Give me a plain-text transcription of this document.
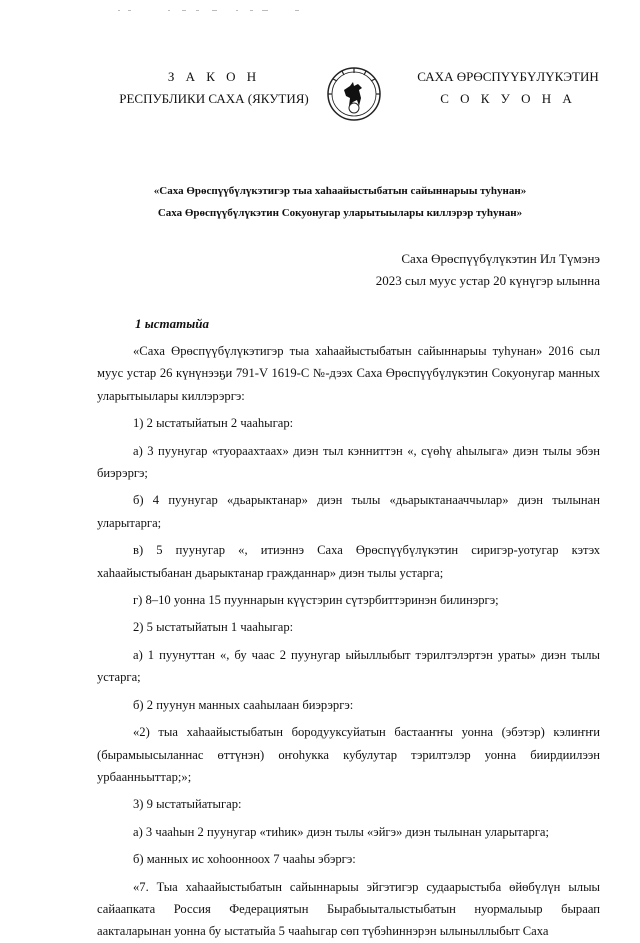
З А К О Н
РЕСПУБЛИКИ САХА (ЯКУТИЯ)
САХА ӨРӨСПҮҮБҮЛҮКЭТИН
С О К У О Н А
«Саха Өрөспүүбүлүкэтигэр тыа хаһаайыстыбатын сайыннарыы туһунан»
Саха Өрөспүүбүлүкэтин Сокуонугар уларытыылары киллэрэр туһунан»
Саха Өрөспүүбүлүкэтин Ил Түмэнэ
2023 сыл муус устар 20 күнүгэр ылынна
1 ыстатыйа

«Саха Өрөспүүбүлүкэтигэр тыа хаһаайыстыбатын сайыннарыы туһунан» 2016 сыл муус устар 26 күнүнээҕи 791-V 1619-С №-дээх Саха Өрөспүүбүлүкэтин Сокуонугар манных уларытыылары киллэрэргэ:

1) 2 ыстатыйатын 2 чааһыгар:

а) 3 пуунугар «туораахтаах» диэн тыл кэнниттэн «, сүөһү аһылыга» диэн тылы эбэн биэрэргэ;

б) 4 пуунугар «дьарыктанар» диэн тылы «дьарыктанааччылар» диэн тылынан уларытарга;

в) 5 пуунугар «, итиэннэ Саха Өрөспүүбүлүкэтин сиригэр-уотугар кэтэх хаһаайыстыбанан дьарыктанар гражданнар» диэн тылы устарга;

г) 8–10 уонна 15 пууннарын күүстэрин сүтэрбиттэринэн билинэргэ;

2) 5 ыстатыйатын 1 чааһыгар:

а) 1 пуунуттан «, бу чаас 2 пуунугар ыйыллыбыт тэрилтэлэртэн ураты» диэн тылы устарга;

б) 2 пуунун манных сааһылаан биэрэргэ:

«2) тыа хаһаайыстыбатын бородууксуйатын бастааҥҥы уонна (эбэтэр) кэлиҥҥи (бырамыысыланнас өттүнэн) оҥоһукка кубулутар тэрилтэлэр уонна биирдиилээн урбаанньыттар;»;

3) 9 ыстатыйатыгар:

а) 3 чааһын 2 пуунугар «тиһик» диэн тылы «эйгэ» диэн тылынан уларытарга;

б) манных ис хоһоонноох 7 чааһы эбэргэ:

«7. Тыа хаһаайыстыбатын сайыннарыы эйгэтигэр судаарыстыба өйөбүлүн ылыы сайаапката Россия Федерациятын Бырабыыталыстыбатын нуормалыыр быраап аакталарынан уонна бу ыстатыйа 5 чааһыгар сөп түбэһиннэрэн ылыныллыбыт Саха
